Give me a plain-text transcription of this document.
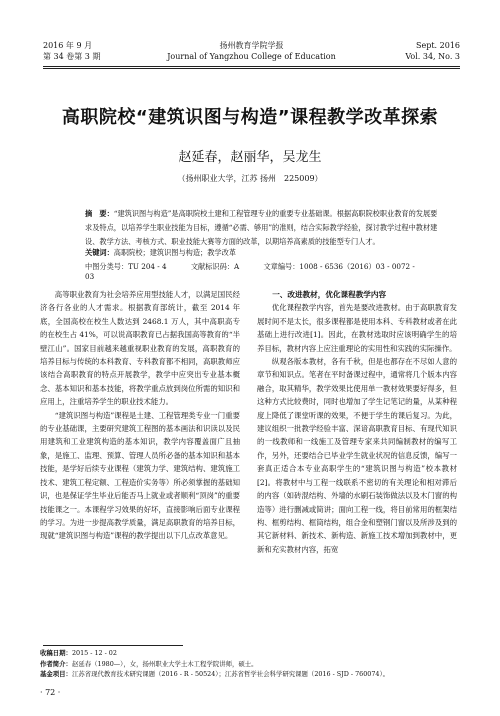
2016 年 9 月
第 34 卷第 3 期
扬州教育学院学报
Journal of Yangzhou College of Education
Sept. 2016
Vol. 34, No. 3
高职院校“建筑识图与构造”课程教学改革探索
赵延春，赵丽华，吴龙生
（扬州职业大学，江苏 扬州　225009）
摘　要：“建筑识图与构造”是高职院校土建和工程管理专业的重要专业基础课。根据高职院校职业教育的发展要求及特点，以培养学生职业技能为目标，遵循“必需、够用”的准则，结合实际教学经验，探讨教学过程中教材建设、教学方法、考核方式、职业技能大赛等方面的改革，以期培养高素质的技能型专门人才。
关键词：高职院校；建筑识图与构造；教学改革
中图分类号：TU 204 - 4	文献标识码：A	文章编号：1008 - 6536（2016）03 - 0072 - 03

高等职业教育为社会培养应用型技能人才，以满足国民经济各行各业的人才需求。根据教育部统计，截至 2014 年底，全国高校在校生人数达到 2468.1 万人，其中高职高专的在校生占 41%，可以说高职教育已占据我国高等教育的“半壁江山”。国家目前越来越重视职业教育的发展，高职教育的培养目标与传统的本科教育、专科教育都不相同，高职教师应该结合高职教育的特点开展教学，教学中应突出专业基本概念、基本知识和基本技能，将教学重点放到岗位所需的知识和应用上，注重培养学生的职业技术能力。

“建筑识图与构造”课程是土建、工程管理类专业一门重要的专业基础课，主要研究建筑工程图的基本画法和识读以及民用建筑和工业建筑构造的基本知识，教学内容覆盖面广且抽象，是施工、监理、预算、管理人员所必备的基本知识和基本技能，是学好后续专业课程（建筑力学、建筑结构、建筑施工技术、建筑工程定额、工程造价实务等）所必须掌握的基础知识，也是保证学生毕业后能否马上就业或者顺利“顶岗”的重要技能课之一。本课程学习效果的好坏，直接影响后面专业课程的学习。为进一步提高教学质量，满足高职教育的培养目标，现就“建筑识图与构造”课程的教学提出以下几点改革意见。

一、改进教材，优化课程教学内容

优化课程教学内容，首先是要改进教材。由于高职教育发展时间不是太长，很多课程都是使用本科、专科教材或者在此基础上进行改进[1]。因此，在教材选取时应该明确学生的培养目标，教材内容上应注重理论的实用性和实践的实际操作。

纵观各版本教材，各有千秋，但是也都存在不尽如人意的章节和知识点。笔者在平时备课过程中，通常将几个版本内容融合，取其精华，教学效果比使用单一教材效果要好得多，但这种方式比较费时，同时也增加了学生记笔记的量，从某种程度上降低了课堂听课的效果，不便于学生的课后复习。为此，建议组织一批教学经验丰富、深谙高职教育目标、有现代知识的一线教师和一线施工及管理专家来共同编制教材的编写工作，另外，还要结合已毕业学生就业状况的信息反馈，编写一套真正适合本专业高职学生的“建筑识图与构造”校本教材[2]。将教材中与工程一线联系不密切的有关理论和相对滞后的内容（如砖混结构、外墙的水刷石装饰做法以及木门窗的构造等）进行删减或简讲；面向工程一线，将目前常用的框架结构、框剪结构、框筒结构，组合金和塑钢门窗以及所涉及到的其它新材料、新技术、新构造、新施工技术增加到教材中，更新和充实教材内容，拓宽

收稿日期：2015 - 12 - 02
作者简介：赵延春（1980—），女，扬州职业大学土木工程学院讲师，硕士。
基金项目：江苏省现代教育技术研究课题（2016 - R - 50524）；江苏省哲学社会科学研究课题（2016 - SJD - 760074）。
· 72 ·
